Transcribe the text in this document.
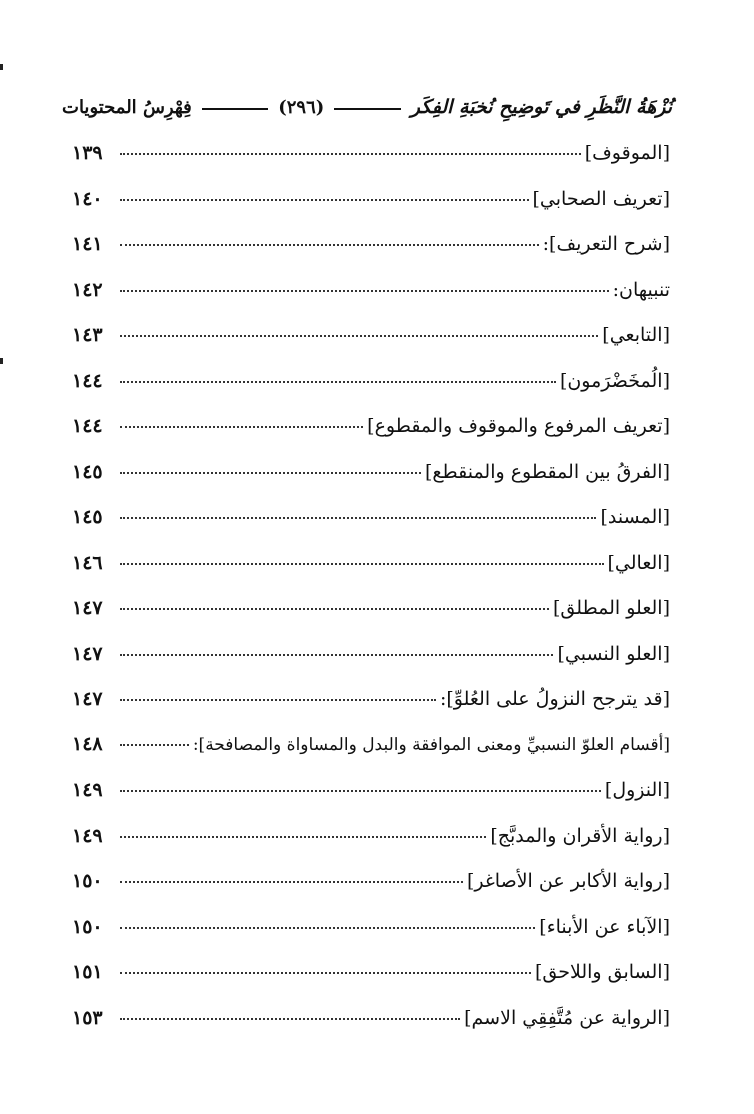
فِهْرِسُ المحتويات	(٢٩٦)	نُزْهَةُ النَّظَرِ في تَوضِيحِ نُخبَةِ الفِكَر
[الموقوف]
١٣٩
[تعريف الصحابي]
١٤٠
[شرح التعريف]:
١٤١
تنبيهان:
١٤٢
[التابعي]
١٤٣
[الُمخَضْرَمون]
١٤٤
[تعريف المرفوع والموقوف والمقطوع]
١٤٤
[الفرقُ بين المقطوع والمنقطع]
١٤٥
[المسند]
١٤٥
[العالي]
١٤٦
[العلو المطلق]
١٤٧
[العلو النسبي]
١٤٧
[قد يترجح النزولُ على العُلوِّ]:
١٤٧
[أقسام العلوّ النسبيِّ ومعنى الموافقة والبدل والمساواة والمصافحة]:
١٤٨
[النزول]
١٤٩
[رواية الأقران والمدبَّج]
١٤٩
[رواية الأكابر عن الأصاغر]
١٥٠
[الآباء عن الأبناء]
١٥٠
[السابق واللاحق]
١٥١
[الرواية عن مُتَّفِقِي الاسم]
١٥٣
